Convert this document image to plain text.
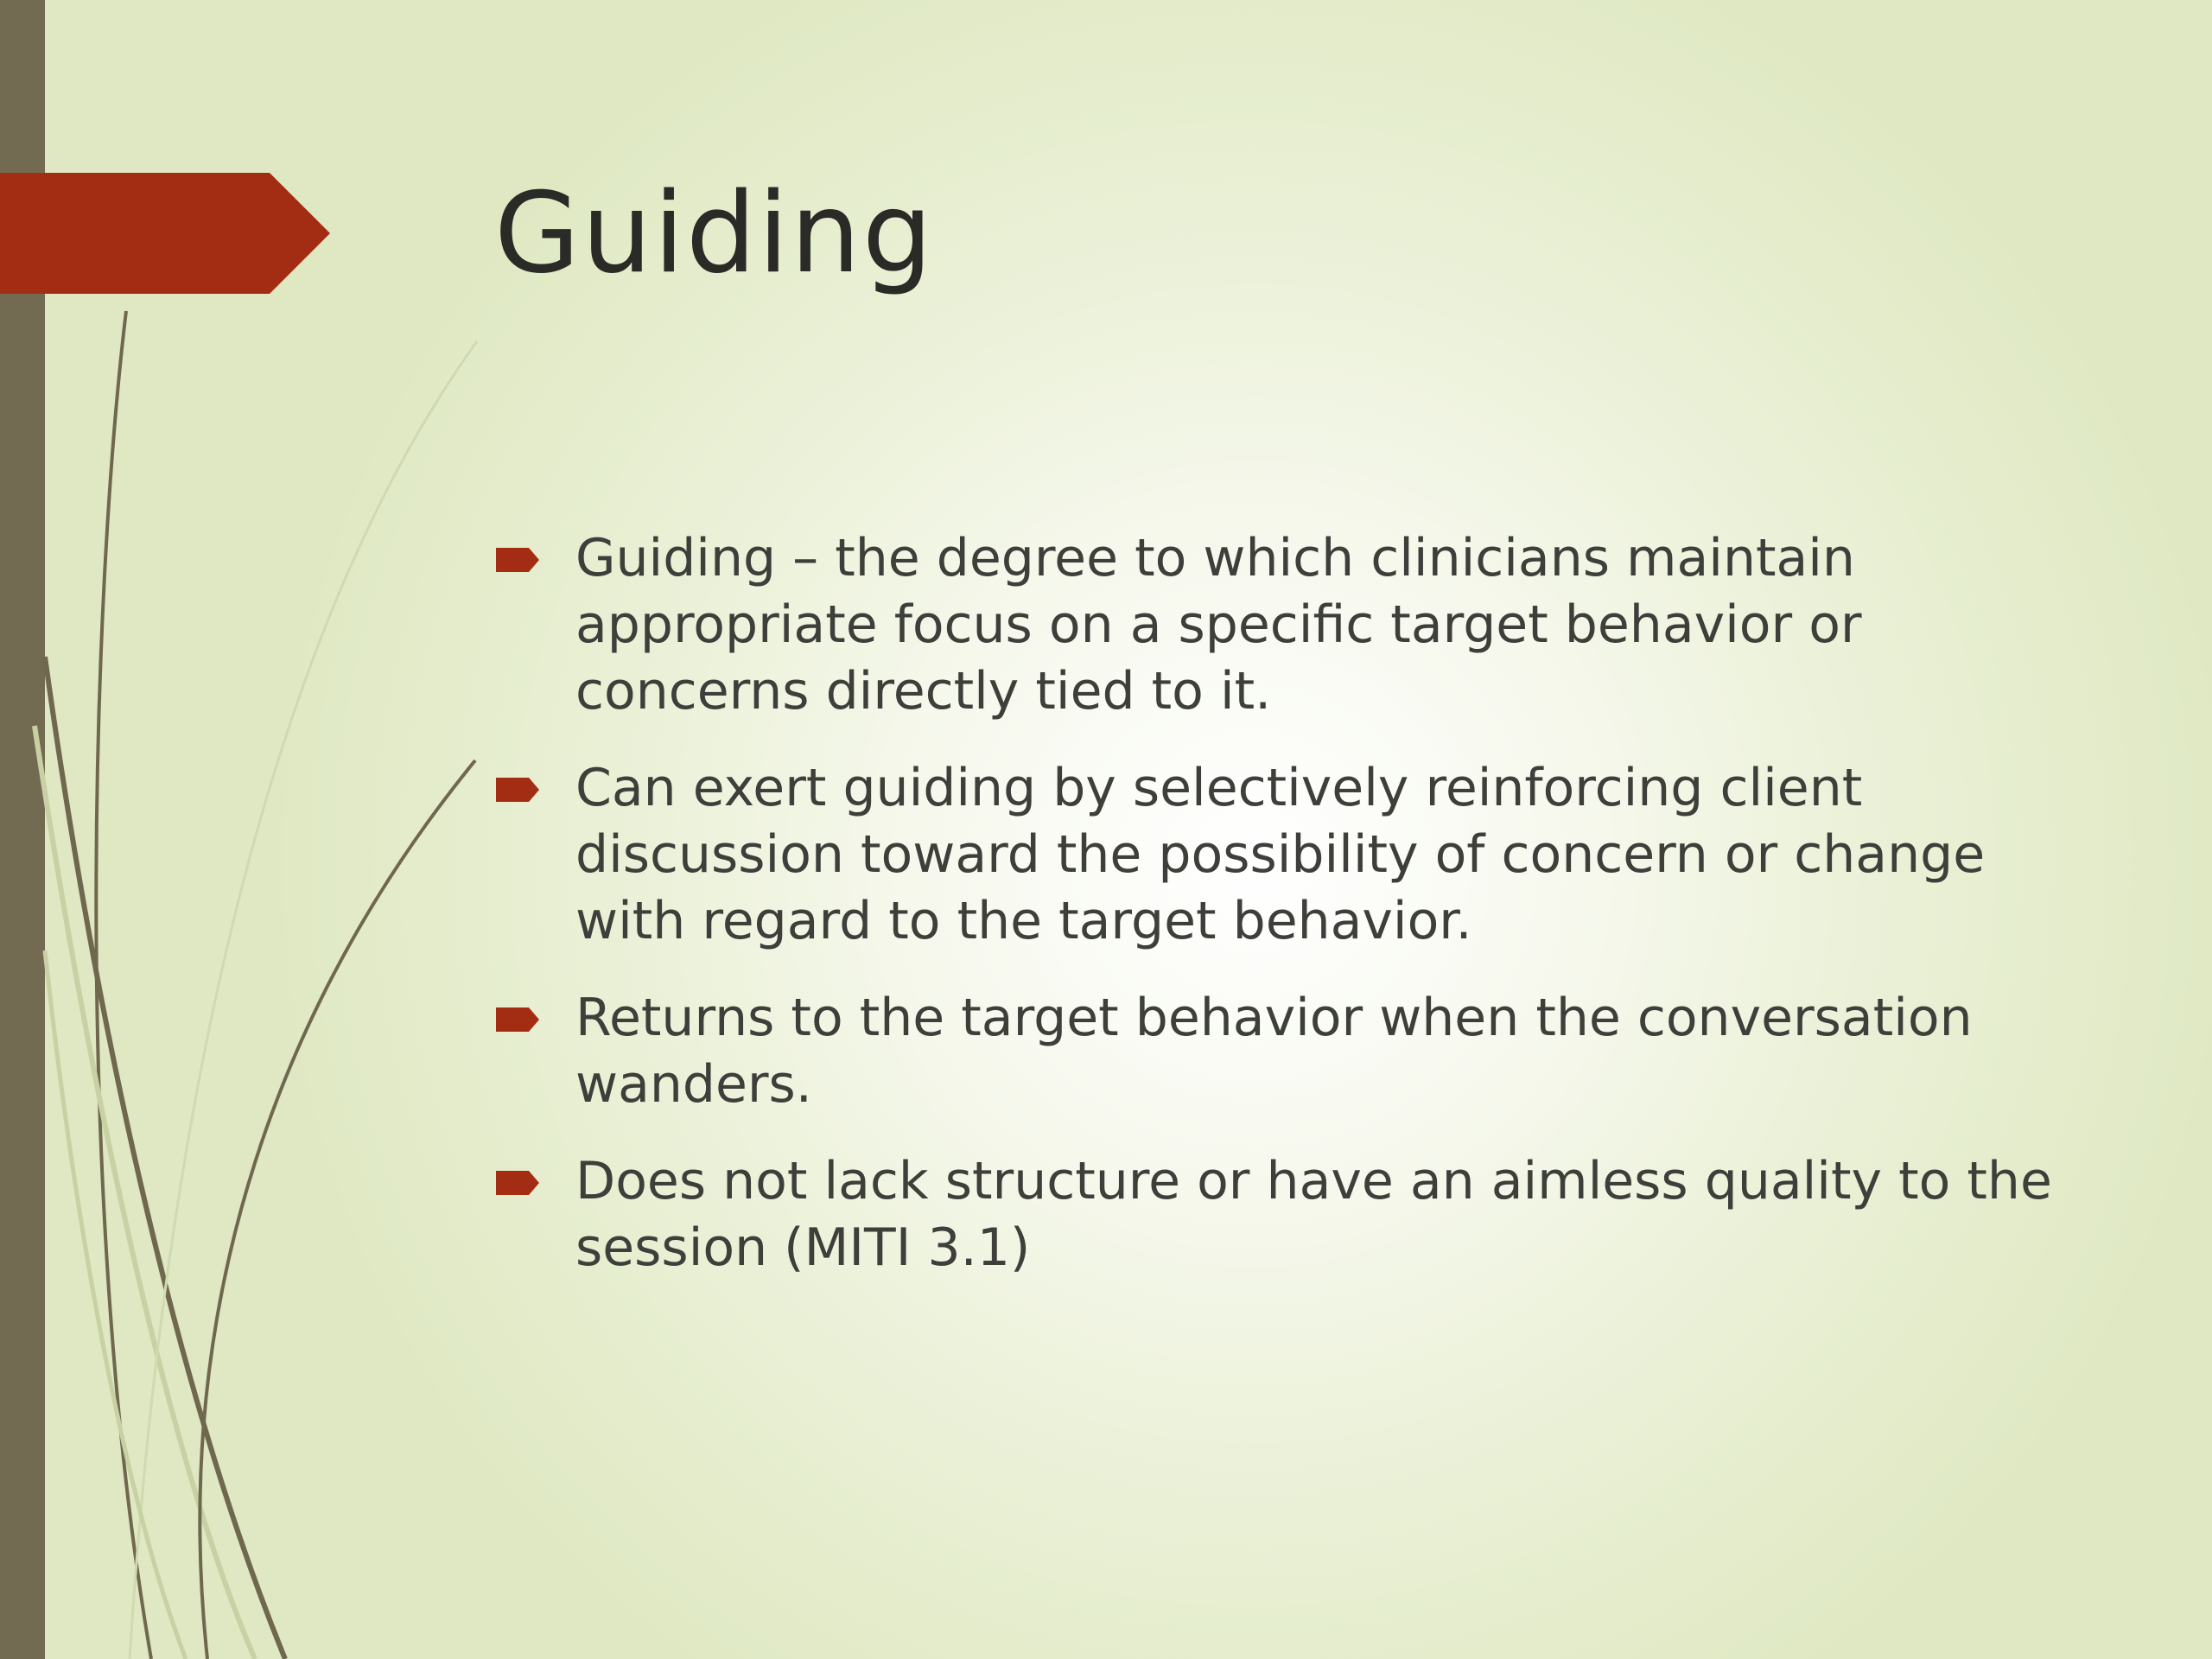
Guiding
Guiding – the degree to which clinicians maintain appropriate focus on a specific target behavior or concerns directly tied to it.
Can exert guiding by selectively reinforcing client discussion toward the possibility of concern or change with regard to the target behavior.
Returns to the target behavior when the conversation wanders.
Does not lack structure or have an aimless quality to the session (MITI 3.1)
